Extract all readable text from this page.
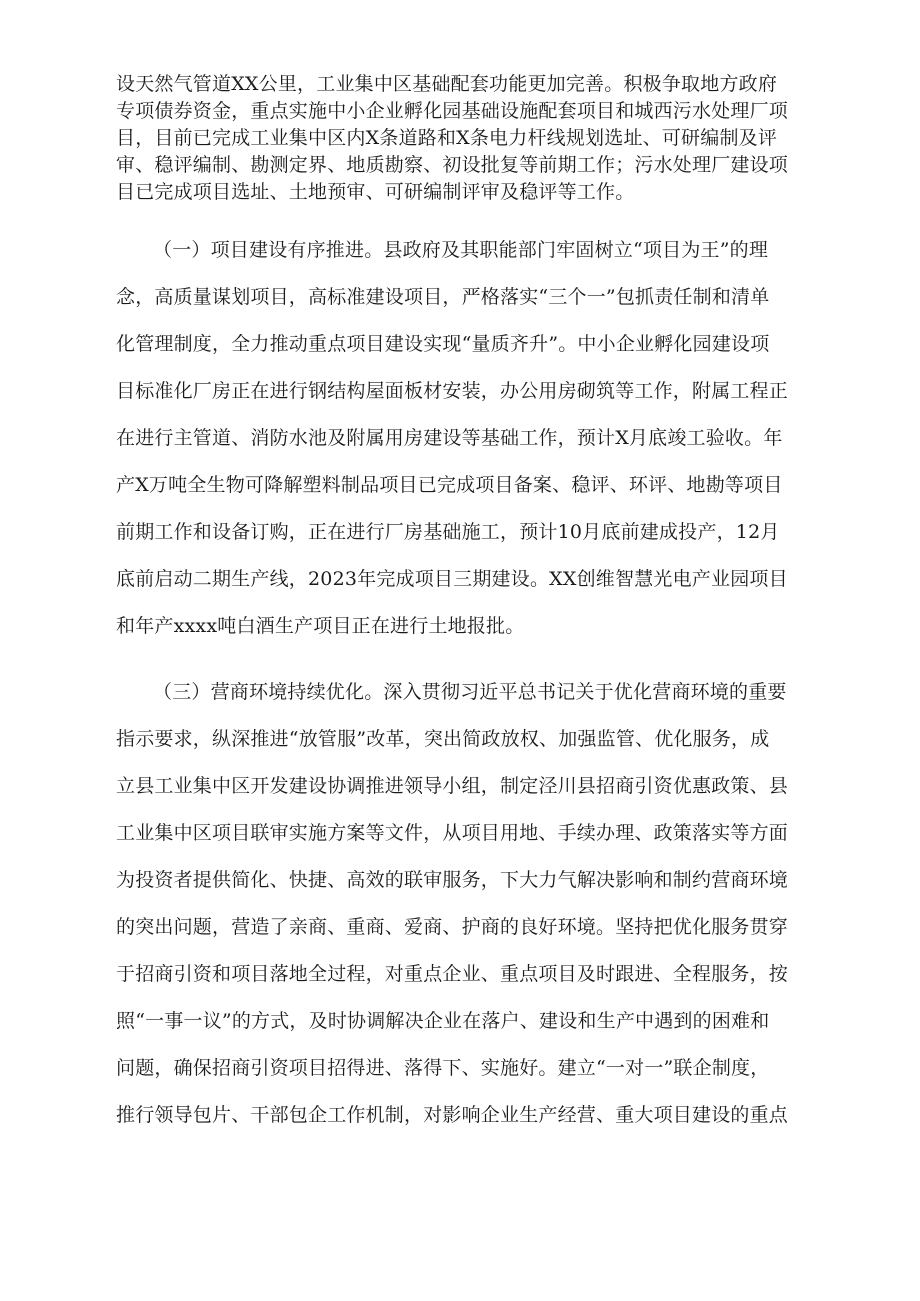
设天然气管道XX公里，工业集中区基础配套功能更加完善。积极争取地方政府
专项债券资金，重点实施中小企业孵化园基础设施配套项目和城西污水处理厂项
目，目前已完成工业集中区内X条道路和X条电力杆线规划选址、可研编制及评
审、稳评编制、勘测定界、地质勘察、初设批复等前期工作；污水处理厂建设项
目已完成项目选址、土地预审、可研编制评审及稳评等工作。
（一）项目建设有序推进。县政府及其职能部门牢固树立“项目为王”的理
念，高质量谋划项目，高标准建设项目，严格落实“三个一”包抓责任制和清单
化管理制度，全力推动重点项目建设实现“量质齐升”。中小企业孵化园建设项
目标准化厂房正在进行钢结构屋面板材安装，办公用房砌筑等工作，附属工程正
在进行主管道、消防水池及附属用房建设等基础工作，预计X月底竣工验收。年
产X万吨全生物可降解塑料制品项目已完成项目备案、稳评、环评、地勘等项目
前期工作和设备订购，正在进行厂房基础施工，预计10月底前建成投产，12月
底前启动二期生产线，2023年完成项目三期建设。XX创维智慧光电产业园项目
和年产xxxx吨白酒生产项目正在进行土地报批。
（三）营商环境持续优化。深入贯彻习近平总书记关于优化营商环境的重要
指示要求，纵深推进“放管服”改革，突出简政放权、加强监管、优化服务，成
立县工业集中区开发建设协调推进领导小组，制定泾川县招商引资优惠政策、县
工业集中区项目联审实施方案等文件，从项目用地、手续办理、政策落实等方面
为投资者提供简化、快捷、高效的联审服务，下大力气解决影响和制约营商环境
的突出问题，营造了亲商、重商、爱商、护商的良好环境。坚持把优化服务贯穿
于招商引资和项目落地全过程，对重点企业、重点项目及时跟进、全程服务，按
照“一事一议”的方式，及时协调解决企业在落户、建设和生产中遇到的困难和
问题，确保招商引资项目招得进、落得下、实施好。建立“一对一”联企制度，
推行领导包片、干部包企工作机制，对影响企业生产经营、重大项目建设的重点
